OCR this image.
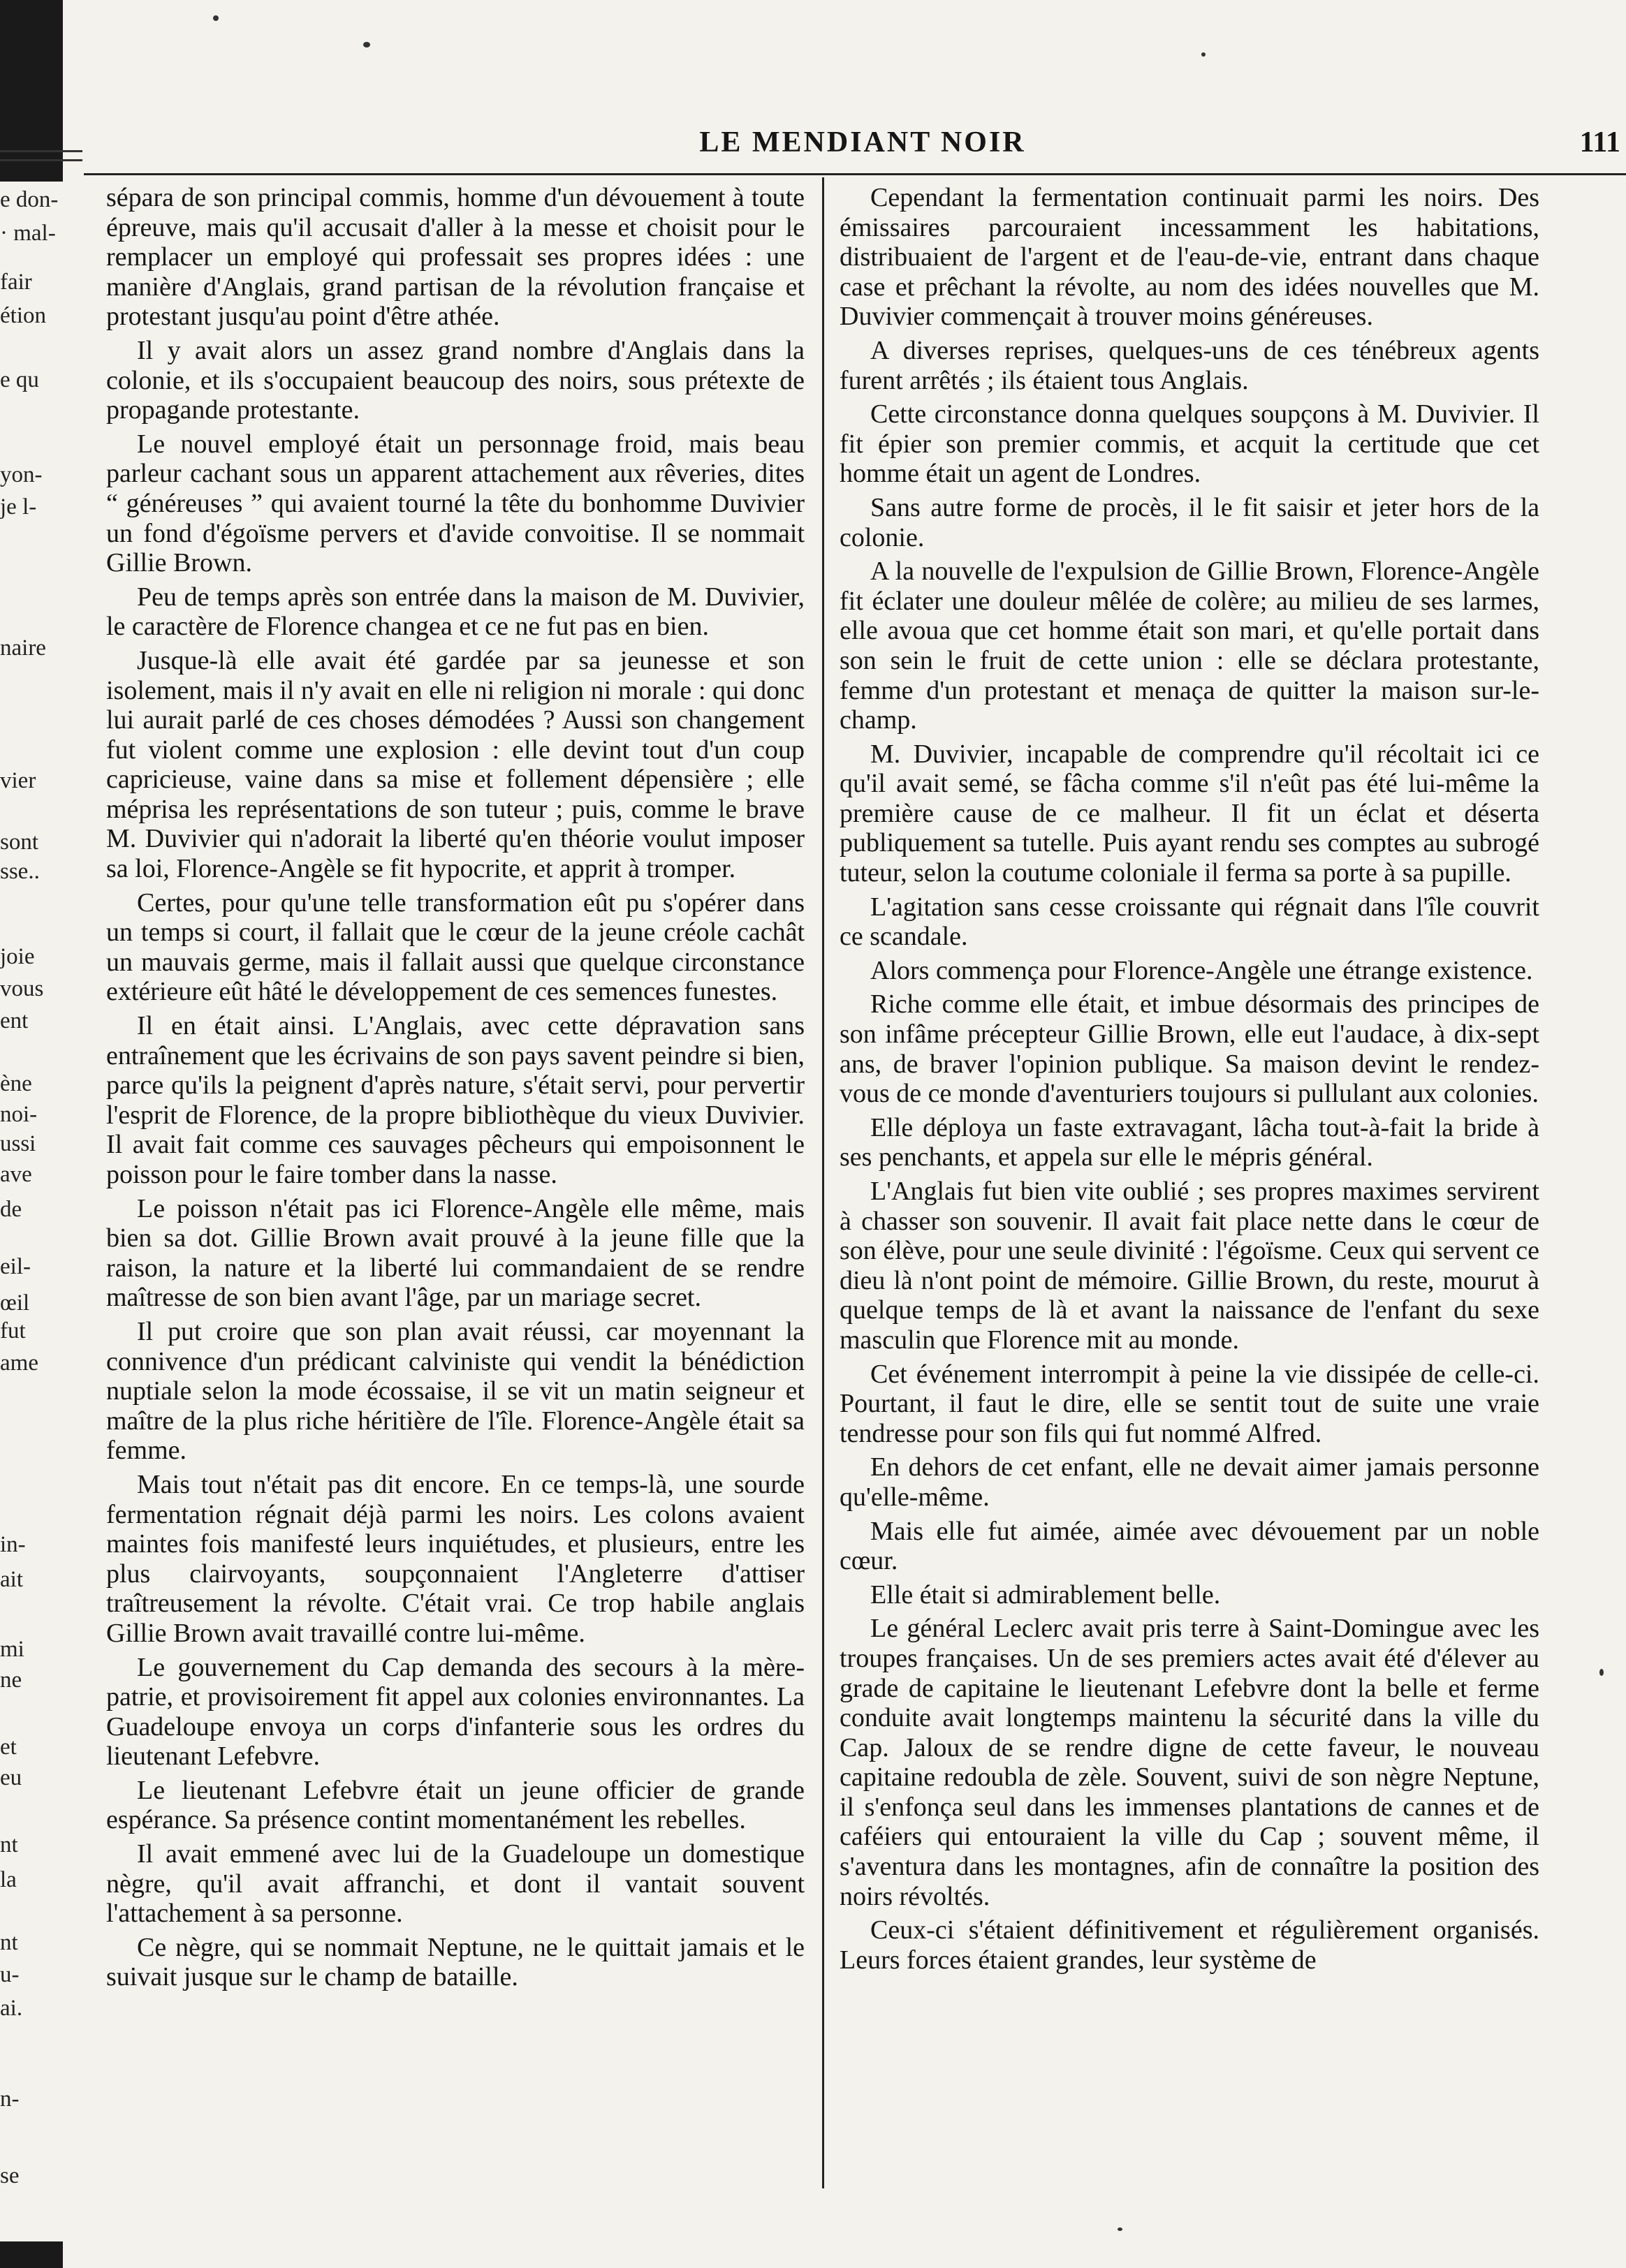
e don-
· mal-
fair
étion
e qu
yon-
je l-
naire
vier
sont
sse..
joie
vous
ent
ène
noi-
ussi
ave
de
eil-
œil
fut
ame
in-
ait
mi
ne
et
eu
nt
la
nt
u-
ai.
n-
se
LE MENDIANT NOIR	111

séparа de son principal commis, homme d'un dévouement à toute épreuve, mais qu'il accusait d'aller à la messe et choisit pour le remplacer un employé qui professait ses propres idées : une manière d'Anglais, grand partisan de la révolution française et protestant jusqu'au point d'être athée.

Il y avait alors un assez grand nombre d'Anglais dans la colonie, et ils s'occupaient beaucoup des noirs, sous prétexte de propagande protestante.

Le nouvel employé était un personnage froid, mais beau parleur cachant sous un apparent attachement aux rêveries, dites “ généreuses ” qui avaient tourné la tête du bonhomme Duvivier un fond d'égoïsme pervers et d'avide convoitise. Il se nommait Gillie Brown.

Peu de temps après son entrée dans la maison de M. Duvivier, le caractère de Florence changea et ce ne fut pas en bien.

Jusque-là elle avait été gardée par sa jeunesse et son isolement, mais il n'y avait en elle ni religion ni morale : qui donc lui aurait parlé de ces choses démodées ? Aussi son changement fut violent comme une explosion : elle devint tout d'un coup capricieuse, vaine dans sa mise et follement dépensière ; elle méprisa les représentations de son tuteur ; puis, comme le brave M. Duvivier qui n'adorait la liberté qu'en théorie voulut imposer sa loi, Florence-Angèle se fit hypocrite, et apprit à tromper.

Certes, pour qu'une telle transformation eût pu s'opérer dans un temps si court, il fallait que le cœur de la jeune créole cachât un mauvais germe, mais il fallait aussi que quelque circonstance extérieure eût hâté le développement de ces semences funestes.

Il en était ainsi. L'Anglais, avec cette dépravation sans entraînement que les écrivains de son pays savent peindre si bien, parce qu'ils la peignent d'après nature, s'était servi, pour pervertir l'esprit de Florence, de la propre bibliothèque du vieux Duvivier. Il avait fait comme ces sauvages pêcheurs qui empoisonnent le poisson pour le faire tomber dans la nasse.

Le poisson n'était pas ici Florence-Angèle elle même, mais bien sa dot. Gillie Brown avait prouvé à la jeune fille que la raison, la nature et la liberté lui commandaient de se rendre maîtresse de son bien avant l'âge, par un mariage secret.

Il put croire que son plan avait réussi, car moyennant la connivence d'un prédicant calviniste qui vendit la bénédiction nuptiale selon la mode écossaise, il se vit un matin seigneur et maître de la plus riche héritière de l'île. Florence-Angèle était sa femme.

Mais tout n'était pas dit encore. En ce temps-là, une sourde fermentation régnait déjà parmi les noirs. Les colons avaient maintes fois manifesté leurs inquiétudes, et plusieurs, entre les plus clairvoyants, soupçonnaient l'Angleterre d'attiser traîtreusement la révolte. C'était vrai. Ce trop habile anglais Gillie Brown avait travaillé contre lui-même.

Le gouvernement du Cap demanda des secours à la mère-patrie, et provisoirement fit appel aux colonies environnantes. La Guadeloupe envoya un corps d'infanterie sous les ordres du lieutenant Lefebvre.

Le lieutenant Lefebvre était un jeune officier de grande espérance. Sa présence contint momentanément les rebelles.

Il avait emmené avec lui de la Guadeloupe un domestique nègre, qu'il avait affranchi, et dont il vantait souvent l'attachement à sa personne.

Ce nègre, qui se nommait Neptune, ne le quittait jamais et le suivait jusque sur le champ de bataille.

Cependant la fermentation continuait parmi les noirs. Des émissaires parcouraient incessamment les habitations, distribuaient de l'argent et de l'eau-de-vie, entrant dans chaque case et prêchant la révolte, au nom des idées nouvelles que M. Duvivier commençait à trouver moins généreuses.

A diverses reprises, quelques-uns de ces ténébreux agents furent arrêtés ; ils étaient tous Anglais.

Cette circonstance donna quelques soupçons à M. Duvivier. Il fit épier son premier commis, et acquit la certitude que cet homme était un agent de Londres.

Sans autre forme de procès, il le fit saisir et jeter hors de la colonie.

A la nouvelle de l'expulsion de Gillie Brown, Florence-Angèle fit éclater une douleur mêlée de colère; au milieu de ses larmes, elle avoua que cet homme était son mari, et qu'elle portait dans son sein le fruit de cette union : elle se déclara protestante, femme d'un protestant et menaça de quitter la maison sur-le-champ.

M. Duvivier, incapable de comprendre qu'il récoltait ici ce qu'il avait semé, se fâcha comme s'il n'eût pas été lui-même la première cause de ce malheur. Il fit un éclat et déserta publiquement sa tutelle. Puis ayant rendu ses comptes au subrogé tuteur, selon la coutume coloniale il ferma sa porte à sa pupille.

L'agitation sans cesse croissante qui régnait dans l'île couvrit ce scandale.

Alors commença pour Florence-Angèle une étrange existence.

Riche comme elle était, et imbue désormais des principes de son infâme précepteur Gillie Brown, elle eut l'audace, à dix-sept ans, de braver l'opinion publique. Sa maison devint le rendez-vous de ce monde d'aventuriers toujours si pullulant aux colonies.

Elle déploya un faste extravagant, lâcha tout-à-fait la bride à ses penchants, et appela sur elle le mépris général.

L'Anglais fut bien vite oublié ; ses propres maximes servirent à chasser son souvenir. Il avait fait place nette dans le cœur de son élève, pour une seule divinité : l'égoïsme. Ceux qui servent ce dieu là n'ont point de mémoire. Gillie Brown, du reste, mourut à quelque temps de là et avant la naissance de l'enfant du sexe masculin que Florence mit au monde.

Cet événement interrompit à peine la vie dissipée de celle-ci. Pourtant, il faut le dire, elle se sentit tout de suite une vraie tendresse pour son fils qui fut nommé Alfred.

En dehors de cet enfant, elle ne devait aimer jamais personne qu'elle-même.

Mais elle fut aimée, aimée avec dévouement par un noble cœur.

Elle était si admirablement belle.

Le général Leclerc avait pris terre à Saint-Domingue avec les troupes françaises. Un de ses premiers actes avait été d'élever au grade de capitaine le lieutenant Lefebvre dont la belle et ferme conduite avait longtemps maintenu la sécurité dans la ville du Cap. Jaloux de se rendre digne de cette faveur, le nouveau capitaine redoubla de zèle. Souvent, suivi de son nègre Neptune, il s'enfonça seul dans les immenses plantations de cannes et de caféiers qui entouraient la ville du Cap ; souvent même, il s'aventura dans les montagnes, afin de connaître la position des noirs révoltés.

Ceux-ci s'étaient définitivement et régulièrement organisés. Leurs forces étaient grandes, leur système de
